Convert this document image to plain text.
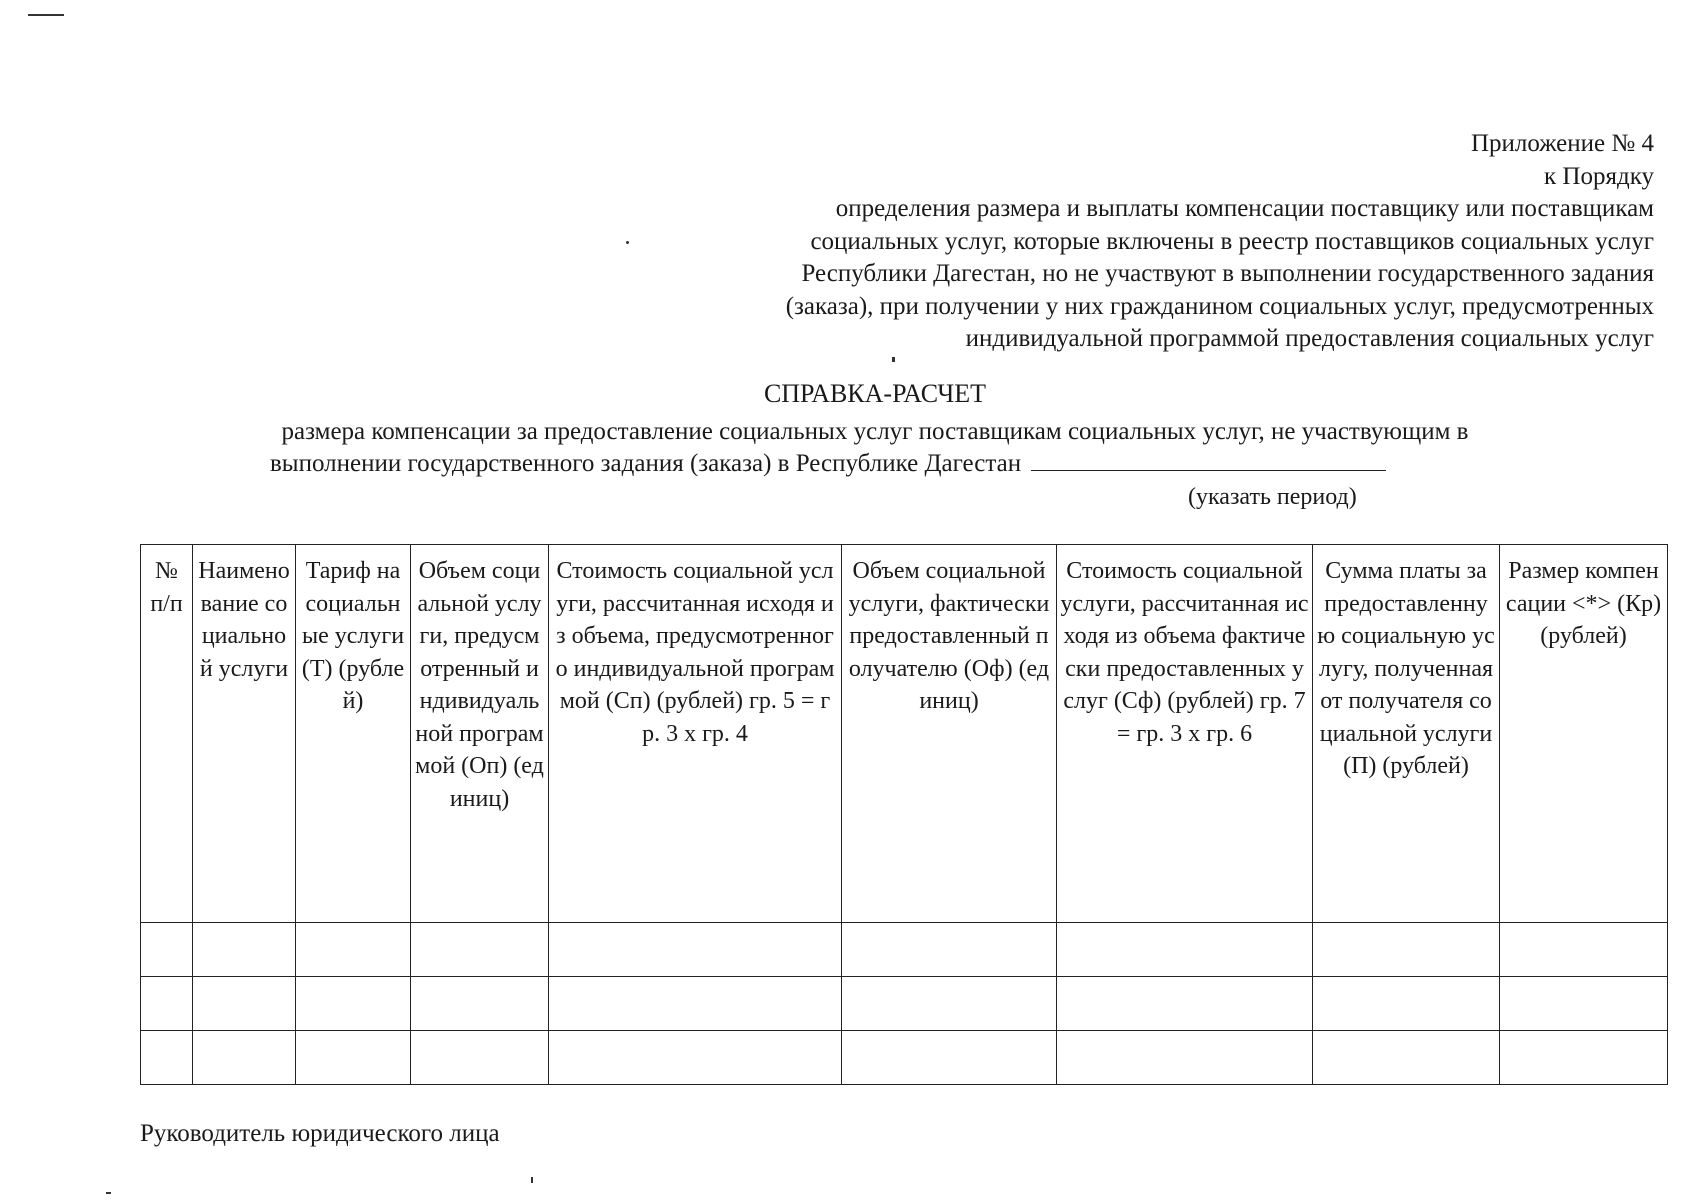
Приложение № 4
к Порядку
определения размера и выплаты компенсации поставщику или поставщикам
социальных услуг, которые включены в реестр поставщиков социальных услуг
Республики Дагестан, но не участвуют в выполнении государственного задания
(заказа), при получении у них гражданином социальных услуг, предусмотренных
индивидуальной программой предоставления социальных услуг
СПРАВКА-РАСЧЕТ
размера компенсации за предоставление социальных услуг поставщикам социальных услуг, не участвующим в
выполнении государственного задания (заказа) в Республике Дагестан
(указать период)
№ п/п	Наименование социальной услуги	Тариф на социальные услуги (Т) (рублей)	Объем социальной услуги, предусмотренный индивидуальной программой (Оп) (единиц)	Стоимость социальной услуги, рассчитанная исходя из объема, предусмотренного индивидуальной программой (Сп) (рублей) гр. 5 = гр. 3 х гр. 4	Объем социальной услуги, фактически предоставленный получателю (Оф) (единиц)	Стоимость социальной услуги, рассчитанная исходя из объема фактически предоставленных услуг (Сф) (рублей) гр. 7 = гр. 3 х гр. 6	Сумма платы за предоставленную социальную услугу, полученная от получателя социальной услуги (П) (рублей)	Размер компенсации <*> (Кр) (рублей)

Руководитель юридического лица
